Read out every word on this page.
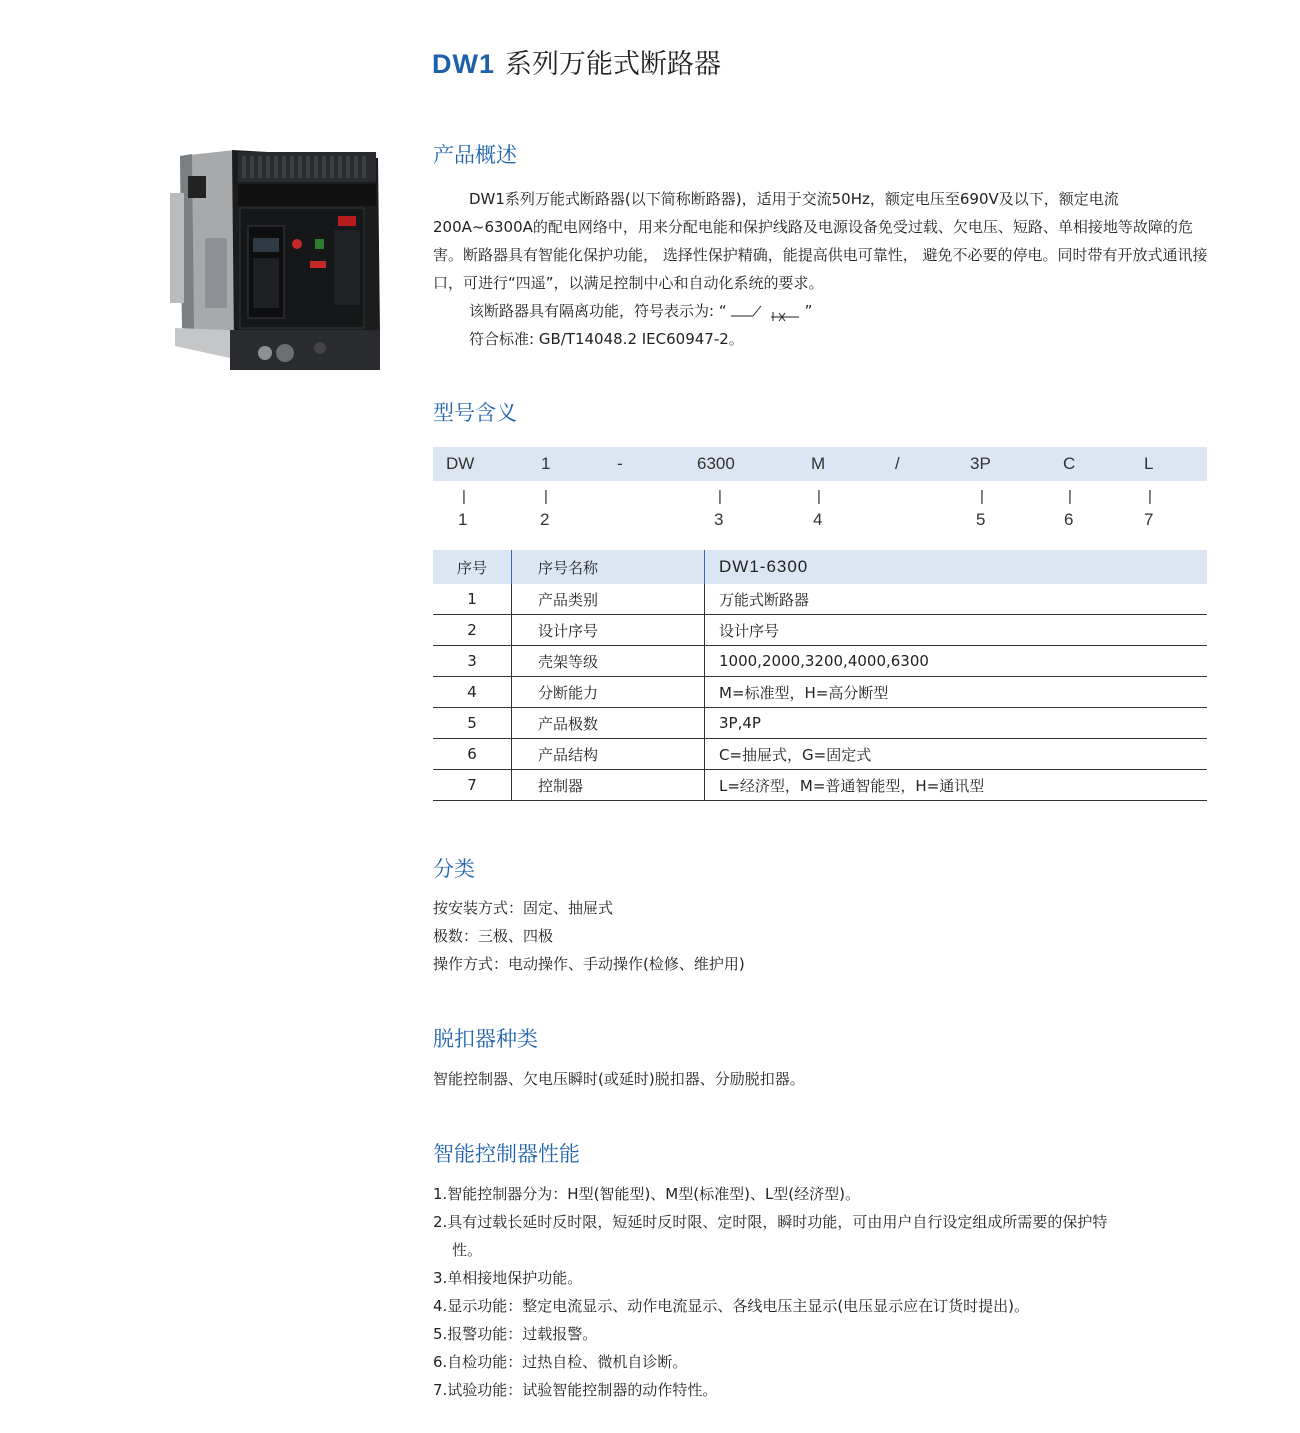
DW1 系列万能式断路器
产品概述

DW1系列万能式断路器(以下简称断路器)，适用于交流50Hz，额定电压至690V及以下，额定电流200A~6300A的配电网络中，用来分配电能和保护线路及电源设备免受过载、欠电压、短路、单相接地等故障的危害。断路器具有智能化保护功能， 选择性保护精确，能提高供电可靠性， 避免不必要的停电。同时带有开放式通讯接口，可进行“四遥”，以满足控制中心和自动化系统的要求。

该断路器具有隔离功能，符号表示为: “	”
符合标准: GB/T14048.2 IEC60947-2。
型号含义
DW	1	-	6300	M	/	3P	C	L
|	|	|	|	|	|	|
1	2	3	4	5	6	7
序号	序号名称	DW1-6300
1	产品类别	万能式断路器
2	设计序号	设计序号
3	壳架等级	1000,2000,3200,4000,6300
4	分断能力	M=标准型，H=高分断型
5	产品极数	3P,4P
6	产品结构	C=抽屉式，G=固定式
7	控制器	L=经济型，M=普通智能型，H=通讯型
分类
按安装方式：固定、抽屉式
极数：三极、四极
操作方式：电动操作、手动操作(检修、维护用)
脱扣器种类
智能控制器、欠电压瞬时(或延时)脱扣器、分励脱扣器。
智能控制器性能
1.智能控制器分为：H型(智能型)、M型(标准型)、L型(经济型)。
2.具有过载长延时反时限，短延时反时限、定时限，瞬时功能，可由用户自行设定组成所需要的保护特
性。
3.单相接地保护功能。
4.显示功能：整定电流显示、动作电流显示、各线电压主显示(电压显示应在订货时提出)。
5.报警功能：过载报警。
6.自检功能：过热自检、微机自诊断。
7.试验功能：试验智能控制器的动作特性。
